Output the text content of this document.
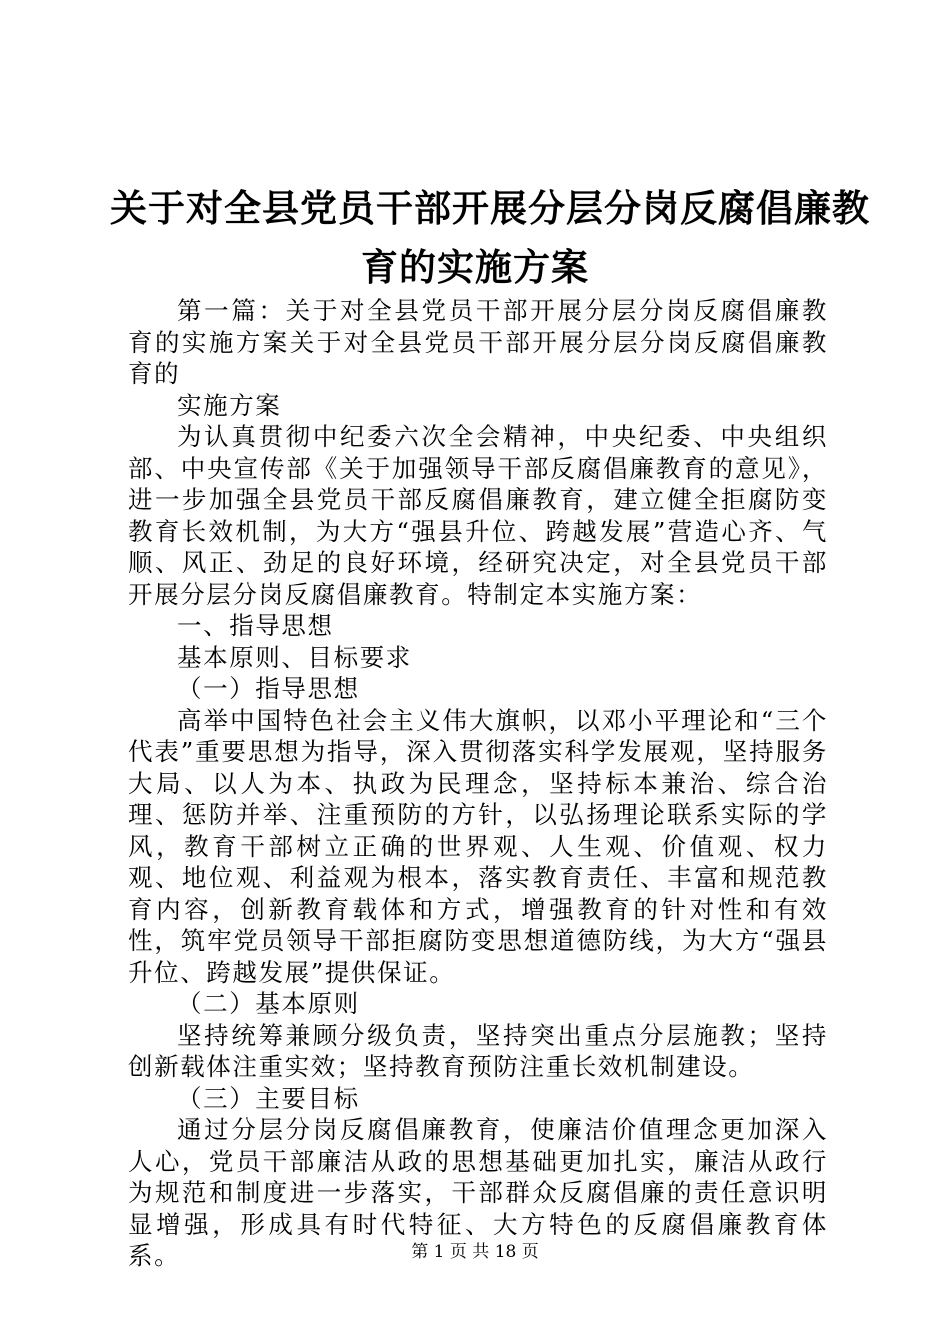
关于对全县党员干部开展分层分岗反腐倡廉教
育的实施方案

第一篇：关于对全县党员干部开展分层分岗反腐倡廉教育的实施方案关于对全县党员干部开展分层分岗反腐倡廉教育的

实施方案

为认真贯彻中纪委六次全会精神，中央纪委、中央组织部、中央宣传部《关于加强领导干部反腐倡廉教育的意见》，进一步加强全县党员干部反腐倡廉教育，建立健全拒腐防变教育长效机制，为大方“强县升位、跨越发展”营造心齐、气顺、风正、劲足的良好环境，经研究决定，对全县党员干部开展分层分岗反腐倡廉教育。特制定本实施方案：

一、指导思想

基本原则、目标要求

（一）指导思想

高举中国特色社会主义伟大旗帜，以邓小平理论和“三个代表”重要思想为指导，深入贯彻落实科学发展观，坚持服务大局、以人为本、执政为民理念，坚持标本兼治、综合治理、惩防并举、注重预防的方针，以弘扬理论联系实际的学风，教育干部树立正确的世界观、人生观、价值观、权力观、地位观、利益观为根本，落实教育责任、丰富和规范教育内容，创新教育载体和方式，增强教育的针对性和有效性，筑牢党员领导干部拒腐防变思想道德防线，为大方“强县升位、跨越发展”提供保证。

（二）基本原则

坚持统筹兼顾分级负责，坚持突出重点分层施教；坚持创新载体注重实效；坚持教育预防注重长效机制建设。

（三）主要目标

通过分层分岗反腐倡廉教育，使廉洁价值理念更加深入人心，党员干部廉洁从政的思想基础更加扎实，廉洁从政行为规范和制度进一步落实，干部群众反腐倡廉的责任意识明显增强，形成具有时代特征、大方特色的反腐倡廉教育体系。	第 1 页 共 18 页
